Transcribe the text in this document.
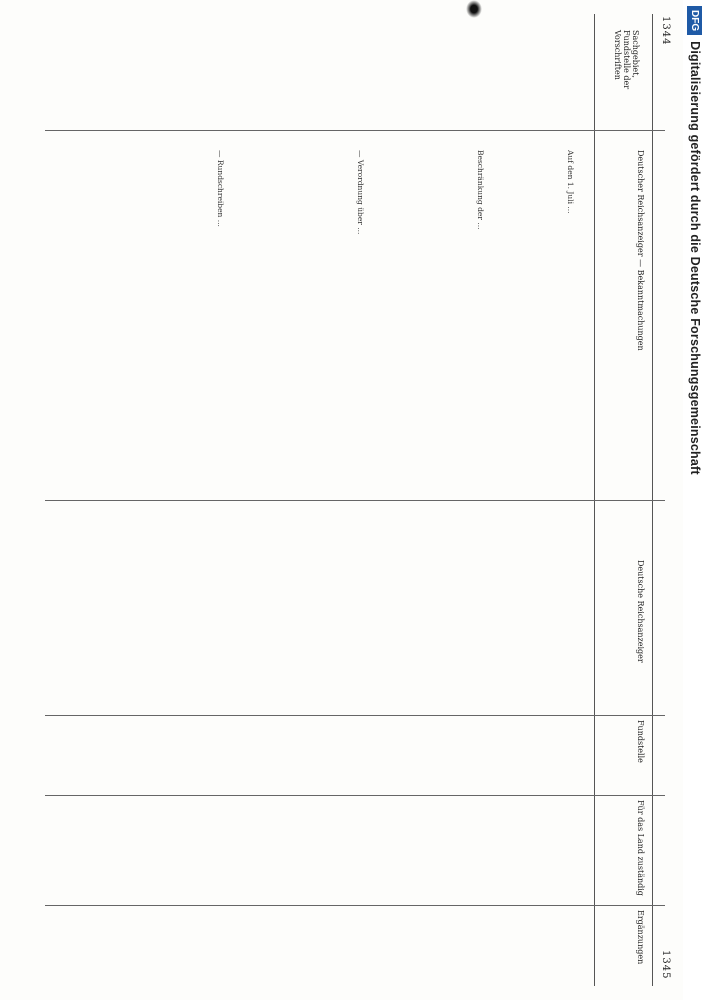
1344
1345
Sachgebiet, Fundstelle der Vorschriften
Deutscher Reichsanzeiger — Bekanntmachungen
Deutsche Reichsanzeiger
Fundstelle
Für das Land zuständig
Ergänzungen
Auf den 1. Juli ...
Beschränkung der ...
— Verordnung über ...
— Rundschreiben ...
DFG
Digitalisierung gefördert durch die Deutsche Forschungsgemeinschaft
